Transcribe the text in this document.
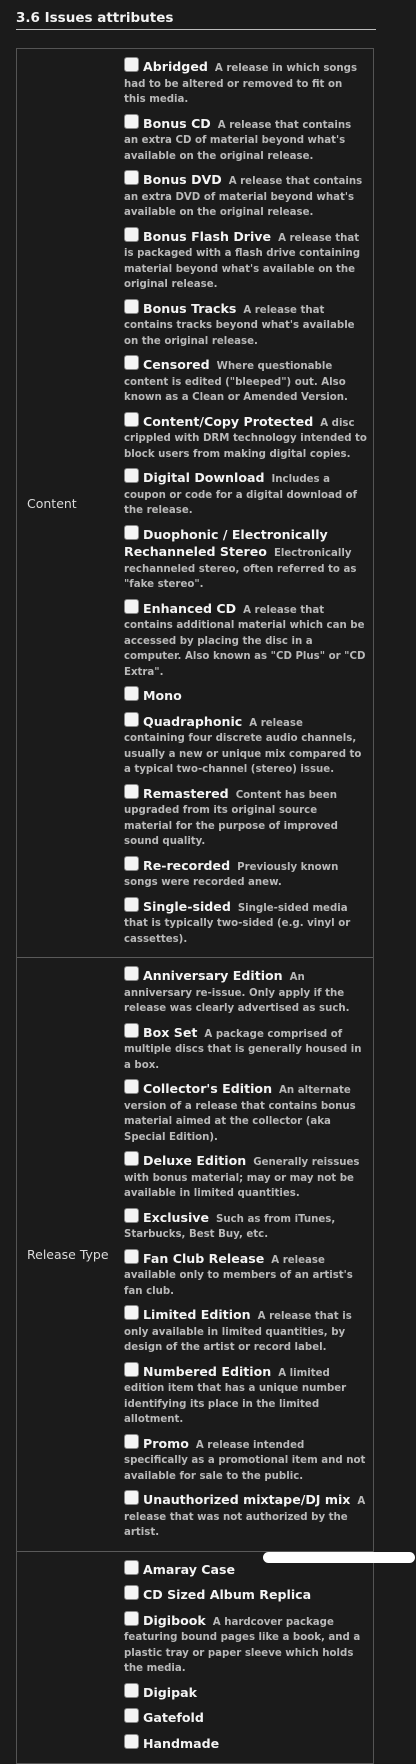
3.6 Issues attributes
Content
Abridged A release in which songs had to be altered or removed to fit on this media.
Bonus CD A release that contains an extra CD of material beyond what's available on the original release.
Bonus DVD A release that contains an extra DVD of material beyond what's available on the original release.
Bonus Flash Drive A release that is packaged with a flash drive containing material beyond what's available on the original release.
Bonus Tracks A release that contains tracks beyond what's available on the original release.
Censored Where questionable content is edited ("bleeped") out. Also known as a Clean or Amended Version.
Content/Copy Protected A disc crippled with DRM technology intended to block users from making digital copies.
Digital Download Includes a coupon or code for a digital download of the release.
Duophonic / Electronically Rechanneled Stereo Electronically rechanneled stereo, often referred to as "fake stereo".
Enhanced CD A release that contains additional material which can be accessed by placing the disc in a computer. Also known as "CD Plus" or "CD Extra".
Mono
Quadraphonic A release containing four discrete audio channels, usually a new or unique mix compared to a typical two-channel (stereo) issue.
Remastered Content has been upgraded from its original source material for the purpose of improved sound quality.
Re-recorded Previously known songs were recorded anew.
Single-sided Single-sided media that is typically two-sided (e.g. vinyl or cassettes).
Release Type
Anniversary Edition An anniversary re-issue. Only apply if the release was clearly advertised as such.
Box Set A package comprised of multiple discs that is generally housed in a box.
Collector's Edition An alternate version of a release that contains bonus material aimed at the collector (aka Special Edition).
Deluxe Edition Generally reissues with bonus material; may or may not be available in limited quantities.
Exclusive Such as from iTunes, Starbucks, Best Buy, etc.
Fan Club Release A release available only to members of an artist's fan club.
Limited Edition A release that is only available in limited quantities, by design of the artist or record label.
Numbered Edition A limited edition item that has a unique number identifying its place in the limited allotment.
Promo A release intended specifically as a promotional item and not available for sale to the public.
Unauthorized mixtape/DJ mix A release that was not authorized by the artist.
Amaray Case
CD Sized Album Replica
Digibook A hardcover package featuring bound pages like a book, and a plastic tray or paper sleeve which holds the media.
Digipak
Gatefold
Handmade
